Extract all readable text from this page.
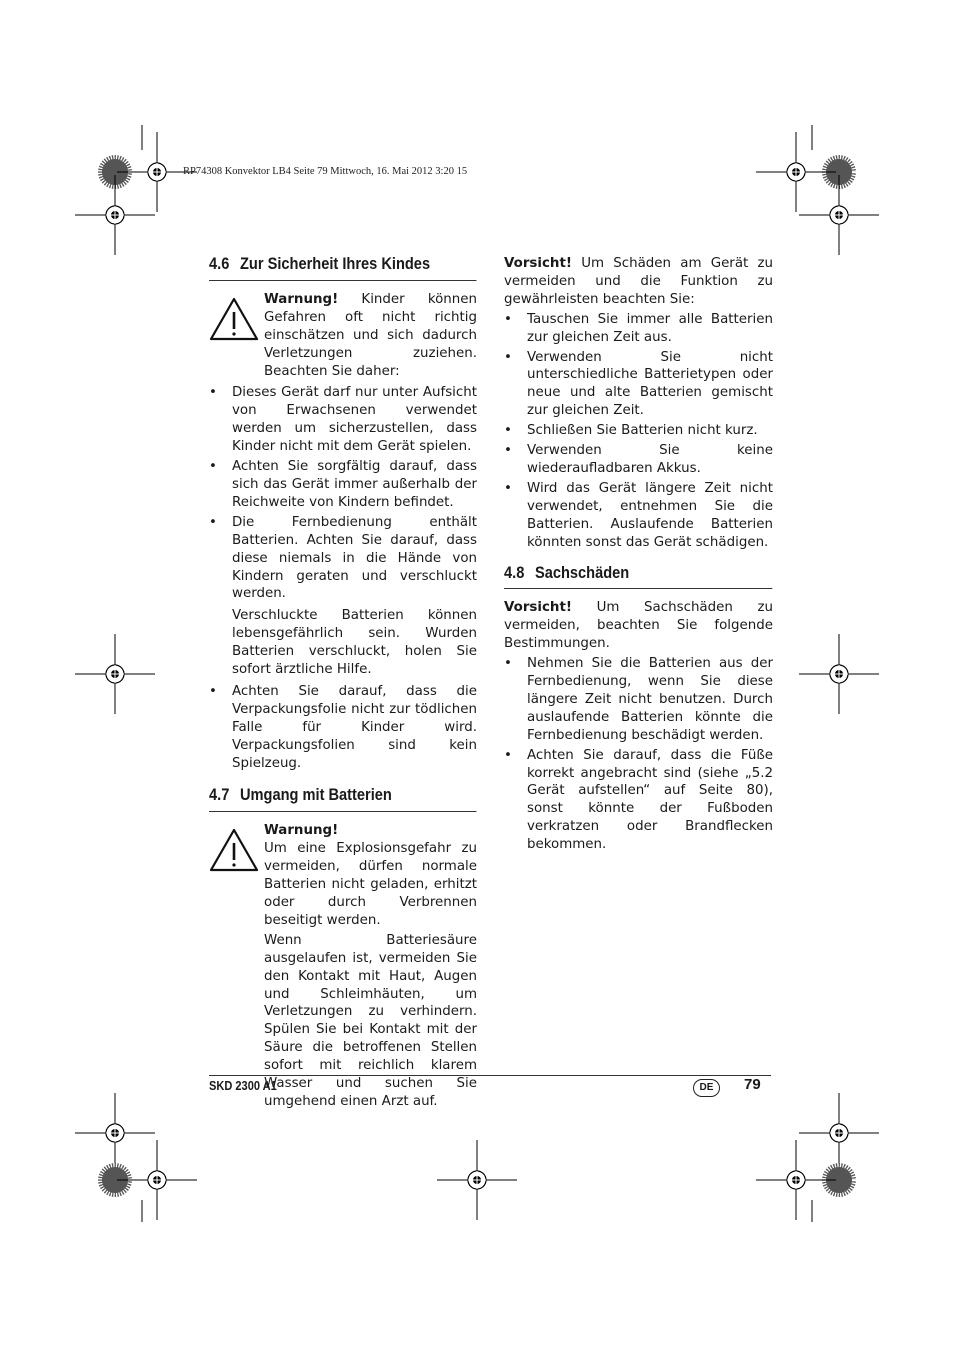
RP74308 Konvektor LB4 Seite 79 Mittwoch, 16. Mai 2012 3:20 15
4.6 Zur Sicherheit Ihres Kindes

Warnung! Kinder können Gefahren oft nicht richtig einschätzen und sich dadurch Verletzungen zuziehen. Beachten Sie daher:

• Dieses Gerät darf nur unter Aufsicht von Erwachsenen verwendet werden um sicherzustellen, dass Kinder nicht mit dem Gerät spielen.
• Achten Sie sorgfältig darauf, dass sich das Gerät immer außerhalb der Reichweite von Kindern befindet.
• Die Fernbedienung enthält Batterien. Achten Sie darauf, dass diese niemals in die Hände von Kindern geraten und verschluckt werden.

Verschluckte Batterien können lebensgefährlich sein. Wurden Batterien verschluckt, holen Sie sofort ärztliche Hilfe.

• Achten Sie darauf, dass die Verpackungsfolie nicht zur tödlichen Falle für Kinder wird. Verpackungsfolien sind kein Spielzeug.
4.7 Umgang mit Batterien

Warnung!

Um eine Explosionsgefahr zu vermeiden, dürfen normale Batterien nicht geladen, erhitzt oder durch Verbrennen beseitigt werden.

Wenn Batteriesäure ausgelaufen ist, vermeiden Sie den Kontakt mit Haut, Augen und Schleimhäuten, um Verletzungen zu verhindern. Spülen Sie bei Kontakt mit der Säure die betroffenen Stellen sofort mit reichlich klarem Wasser und suchen Sie umgehend einen Arzt auf.

Vorsicht! Um Schäden am Gerät zu vermeiden und die Funktion zu gewährleisten beachten Sie:

• Tauschen Sie immer alle Batterien zur gleichen Zeit aus.
• Verwenden Sie nicht unterschiedliche Batterietypen oder neue und alte Batterien gemischt zur gleichen Zeit.
• Schließen Sie Batterien nicht kurz.
• Verwenden Sie keine wiederaufladbaren Akkus.
• Wird das Gerät längere Zeit nicht verwendet, entnehmen Sie die Batterien. Auslaufende Batterien könnten sonst das Gerät schädigen.
4.8 Sachschäden

Vorsicht! Um Sachschäden zu vermeiden, beachten Sie folgende Bestimmungen.

• Nehmen Sie die Batterien aus der Fernbedienung, wenn Sie diese längere Zeit nicht benutzen. Durch auslaufende Batterien könnte die Fernbedienung beschädigt werden.
• Achten Sie darauf, dass die Füße korrekt angebracht sind (siehe „5.2 Gerät aufstellen“ auf Seite 80), sonst könnte der Fußboden verkratzen oder Brandflecken bekommen.
SKD 2300 A1	DE	79
